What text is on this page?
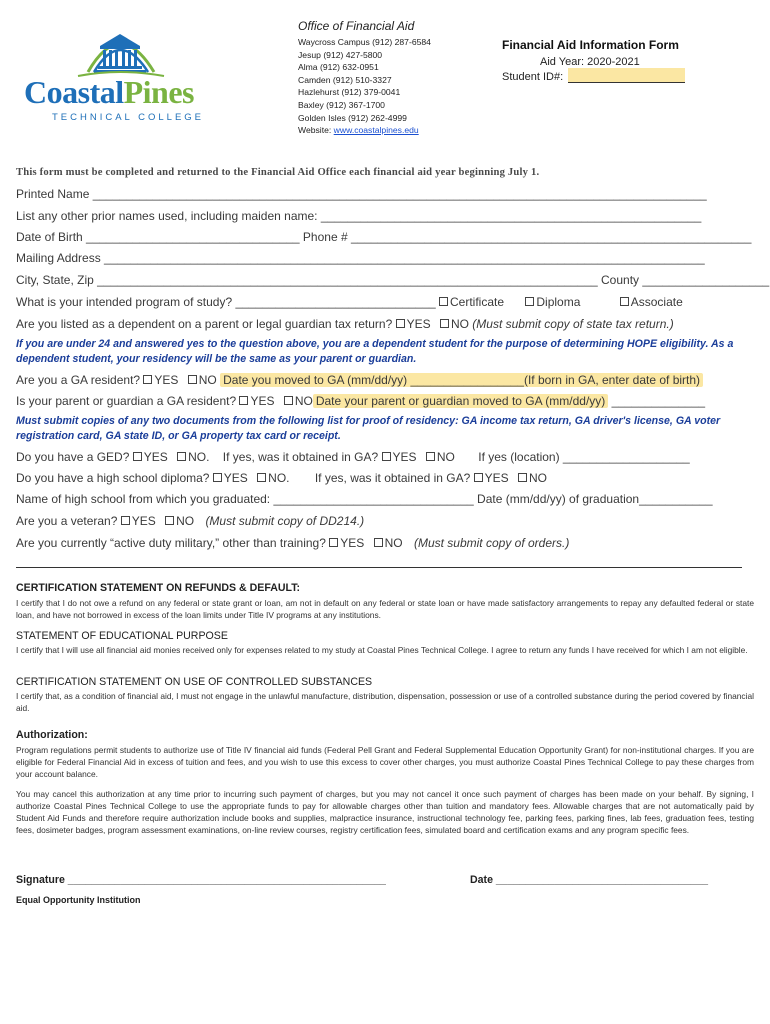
CoastalPines
TECHNICAL COLLEGE
Office of Financial Aid
Waycross Campus (912) 287-6584
Jesup (912) 427-5800
Alma (912) 632-0951
Camden (912) 510-3327
Hazlehurst (912) 379-0041
Baxley (912) 367-1700
Golden Isles (912) 262-4999
Website: www.coastalpines.edu
Financial Aid Information Form
Aid Year: 2020-2021
Student ID#:
This form must be completed and returned to the Financial Aid Office each financial aid year beginning July 1.
Printed Name ____________________________________________________________________________________________
List any other prior names used, including maiden name: _________________________________________________________
Date of Birth ________________________________ Phone # ____________________________________________________________
Mailing Address __________________________________________________________________________________________
City, State, Zip ___________________________________________________________________________ County ___________________
What is your intended program of study? ______________________________ Certificate	Diploma	Associate
Are you listed as a dependent on a parent or legal guardian tax return? YES NO (Must submit copy of state tax return.)
If you are under 24 and answered yes to the question above, you are a dependent student for the purpose of determining HOPE eligibility. As a dependent student, your residency will be the same as your parent or guardian.
Are you a GA resident? YES NO Date you moved to GA (mm/dd/yy) _________________(If born in GA, enter date of birth)
Is your parent or guardian a GA resident? YES NO Date your parent or guardian moved to GA (mm/dd/yy) ______________
Must submit copies of any two documents from the following list for proof of residency: GA income tax return, GA driver's license, GA voter registration card, GA state ID, or GA property tax card or receipt.
Do you have a GED? YES NO. If yes, was it obtained in GA? YES NO If yes (location) ___________________
Do you have a high school diploma? YES NO. If yes, was it obtained in GA? YES NO
Name of high school from which you graduated: ______________________________ Date (mm/dd/yy) of graduation___________
Are you a veteran? YES NO (Must submit copy of DD214.)
Are you currently “active duty military,” other than training? YES NO (Must submit copy of orders.)
CERTIFICATION STATEMENT ON REFUNDS & DEFAULT:
I certify that I do not owe a refund on any federal or state grant or loan, am not in default on any federal or state loan or have made satisfactory arrangements to repay any defaulted federal or state loan, and have not borrowed in excess of the loan limits under Title IV programs at any institutions.
STATEMENT OF EDUCATIONAL PURPOSE
I certify that I will use all financial aid monies received only for expenses related to my study at Coastal Pines Technical College. I agree to return any funds I have received for which I am not eligible.
CERTIFICATION STATEMENT ON USE OF CONTROLLED SUBSTANCES
I certify that, as a condition of financial aid, I must not engage in the unlawful manufacture, distribution, dispensation, possession or use of a controlled substance during the period covered by financial aid.
Authorization:
Program regulations permit students to authorize use of Title IV financial aid funds (Federal Pell Grant and Federal Supplemental Education Opportunity Grant) for non-institutional charges. If you are eligible for Federal Financial Aid in excess of tuition and fees, and you wish to use this excess to cover other charges, you must authorize Coastal Pines Technical College to pay these charges from your account balance.
You may cancel this authorization at any time prior to incurring such payment of charges, but you may not cancel it once such payment of charges has been made on your behalf. By signing, I authorize Coastal Pines Technical College to use the appropriate funds to pay for allowable charges other than tuition and mandatory fees. Allowable charges that are not automatically paid by Student Aid Funds and therefore require authorization include books and supplies, malpractice insurance, instructional technology fee, parking fees, parking fines, lab fees, graduation fees, testing fees, dosimeter badges, program assessment examinations, on-line review courses, registry certification fees, simulated board and certification exams and any program specific fees.
Signature ______________________________________________________	Date ____________________________________
Equal Opportunity Institution
